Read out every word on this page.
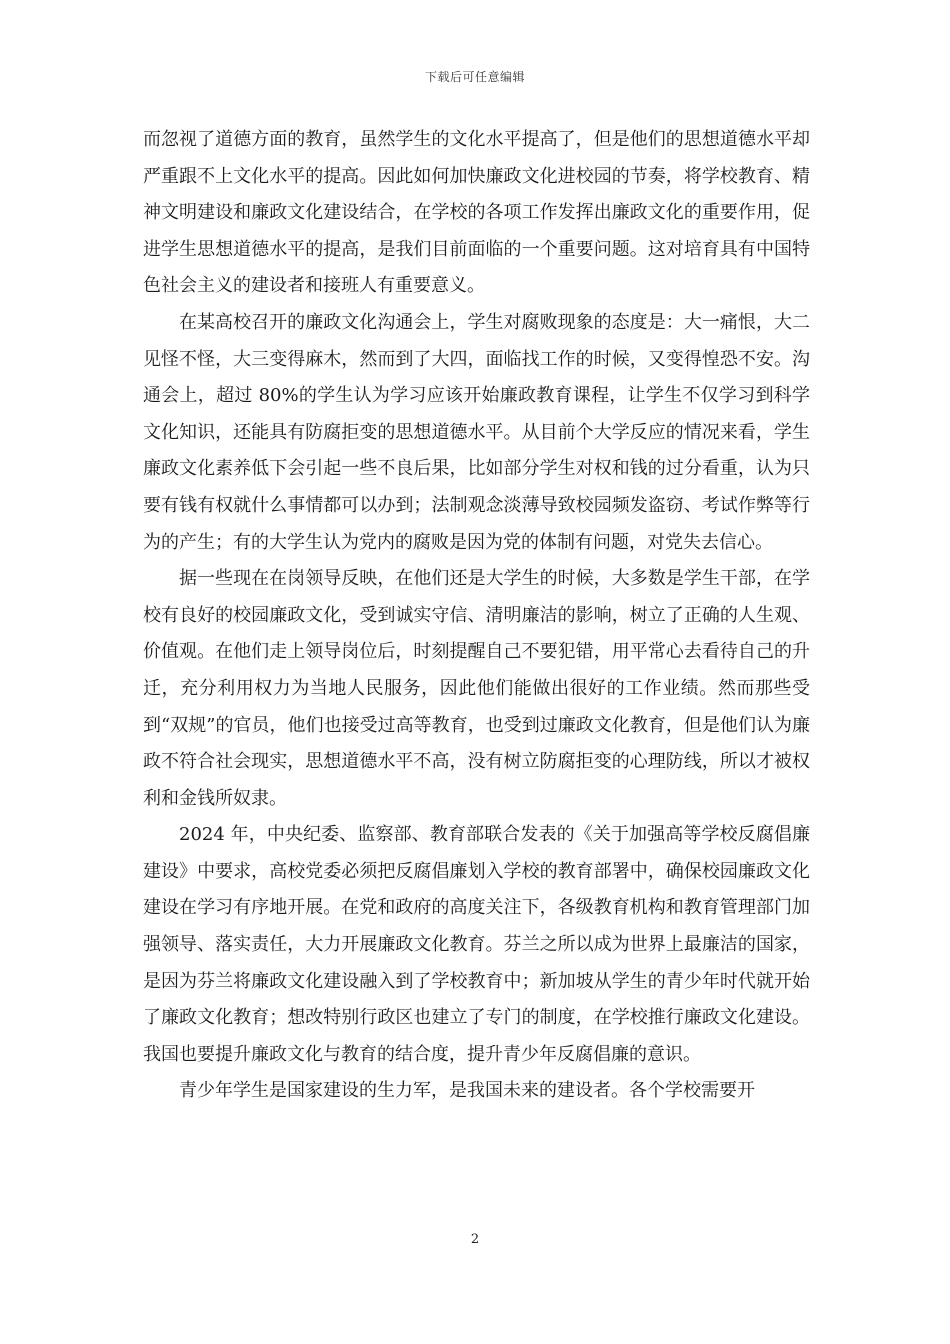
下载后可任意编辑

而忽视了道德方面的教育，虽然学生的文化水平提高了，但是他们的思想道德水平却严重跟不上文化水平的提高。因此如何加快廉政文化进校园的节奏，将学校教育、精神文明建设和廉政文化建设结合，在学校的各项工作发挥出廉政文化的重要作用，促进学生思想道德水平的提高，是我们目前面临的一个重要问题。这对培育具有中国特色社会主义的建设者和接班人有重要意义。

在某高校召开的廉政文化沟通会上，学生对腐败现象的态度是：大一痛恨，大二见怪不怪，大三变得麻木，然而到了大四，面临找工作的时候，又变得惶恐不安。沟通会上，超过 80%的学生认为学习应该开始廉政教育课程，让学生不仅学习到科学文化知识，还能具有防腐拒变的思想道德水平。从目前个大学反应的情况来看，学生廉政文化素养低下会引起一些不良后果，比如部分学生对权和钱的过分看重，认为只要有钱有权就什么事情都可以办到；法制观念淡薄导致校园频发盗窃、考试作弊等行为的产生；有的大学生认为党内的腐败是因为党的体制有问题，对党失去信心。

据一些现在在岗领导反映，在他们还是大学生的时候，大多数是学生干部，在学校有良好的校园廉政文化，受到诚实守信、清明廉洁的影响，树立了正确的人生观、价值观。在他们走上领导岗位后，时刻提醒自己不要犯错，用平常心去看待自己的升迁，充分利用权力为当地人民服务，因此他们能做出很好的工作业绩。然而那些受到“双规”的官员，他们也接受过高等教育，也受到过廉政文化教育，但是他们认为廉政不符合社会现实，思想道德水平不高，没有树立防腐拒变的心理防线，所以才被权利和金钱所奴隶。

2024 年，中央纪委、监察部、教育部联合发表的《关于加强高等学校反腐倡廉建设》中要求，高校党委必须把反腐倡廉划入学校的教育部署中，确保校园廉政文化建设在学习有序地开展。在党和政府的高度关注下，各级教育机构和教育管理部门加强领导、落实责任，大力开展廉政文化教育。芬兰之所以成为世界上最廉洁的国家，是因为芬兰将廉政文化建设融入到了学校教育中；新加坡从学生的青少年时代就开始了廉政文化教育；想改特别行政区也建立了专门的制度，在学校推行廉政文化建设。我国也要提升廉政文化与教育的结合度，提升青少年反腐倡廉的意识。

青少年学生是国家建设的生力军，是我国未来的建设者。各个学校需要开

2
